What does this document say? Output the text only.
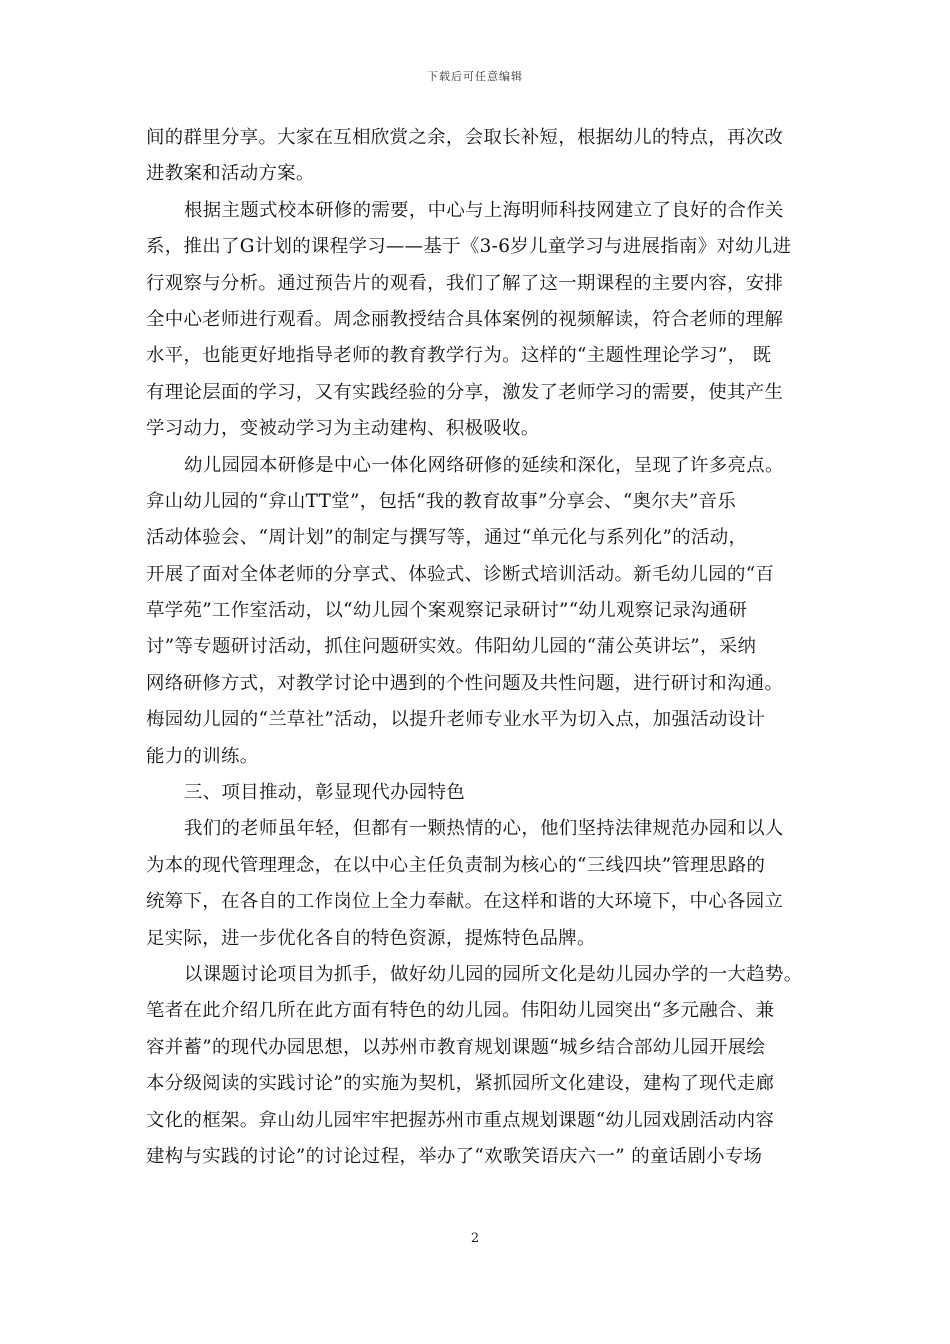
下载后可任意编辑
间的群里分享。大家在互相欣赏之余，会取长补短，根据幼儿的特点，再次改
进教案和活动方案。
根据主题式校本研修的需要，中心与上海明师科技网建立了良好的合作关
系，推出了G计划的课程学习——基于《3-6岁儿童学习与进展指南》对幼儿进
行观察与分析。通过预告片的观看，我们了解了这一期课程的主要内容，安排
全中心老师进行观看。周念丽教授结合具体案例的视频解读，符合老师的理解
水平，也能更好地指导老师的教育教学行为。这样的“主题性理论学习”， 既
有理论层面的学习，又有实践经验的分享，激发了老师学习的需要，使其产生
学习动力，变被动学习为主动建构、积极吸收。
幼儿园园本研修是中心一体化网络研修的延续和深化，呈现了许多亮点。
弇山幼儿园的“弇山TT堂”，包括“我的教育故事”分享会、“奥尔夫”音乐
活动体验会、“周计划”的制定与撰写等，通过“单元化与系列化”的活动，
开展了面对全体老师的分享式、体验式、诊断式培训活动。新毛幼儿园的“百
草学苑”工作室活动，以“幼儿园个案观察记录研讨”“幼儿观察记录沟通研
讨”等专题研讨活动，抓住问题研实效。伟阳幼儿园的“蒲公英讲坛”，采纳
网络研修方式，对教学讨论中遇到的个性问题及共性问题，进行研讨和沟通。
梅园幼儿园的“兰草社”活动，以提升老师专业水平为切入点，加强活动设计
能力的训练。
三、项目推动，彰显现代办园特色
我们的老师虽年轻，但都有一颗热情的心，他们坚持法律规范办园和以人
为本的现代管理理念，在以中心主任负责制为核心的“三线四块”管理思路的
统筹下，在各自的工作岗位上全力奉献。在这样和谐的大环境下，中心各园立
足实际，进一步优化各自的特色资源，提炼特色品牌。
以课题讨论项目为抓手，做好幼儿园的园所文化是幼儿园办学的一大趋势。
笔者在此介绍几所在此方面有特色的幼儿园。伟阳幼儿园突出“多元融合、兼
容并蓄”的现代办园思想，以苏州市教育规划课题“城乡结合部幼儿园开展绘
本分级阅读的实践讨论”的实施为契机，紧抓园所文化建设，建构了现代走廊
文化的框架。弇山幼儿园牢牢把握苏州市重点规划课题“幼儿园戏剧活动内容
建构与实践的讨论”的讨论过程，举办了“欢歌笑语庆六一” 的童话剧小专场
2
